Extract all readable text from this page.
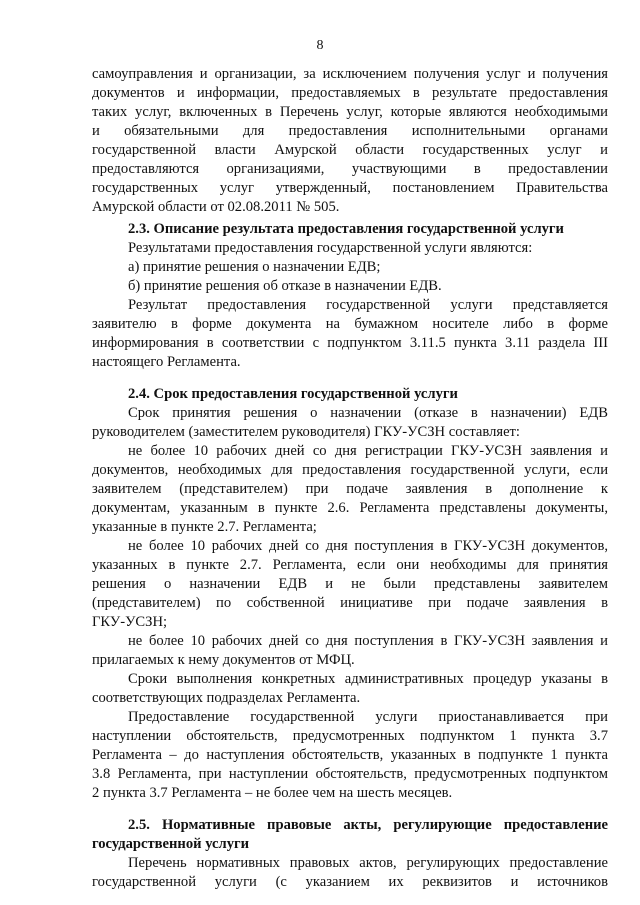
8
самоуправления и организации, за исключением получения услуг и получения
документов и информации, предоставляемых в результате предоставления
таких услуг, включенных в Перечень услуг, которые являются необходимыми
и обязательными для предоставления исполнительными органами
государственной власти Амурской области государственных услуг и
предоставляются организациями, участвующими в предоставлении
государственных услуг утвержденный, постановлением Правительства
Амурской области от 02.08.2011 № 505.
2.3. Описание результата предоставления государственной услуги
Результатами предоставления государственной услуги являются:
а) принятие решения о назначении ЕДВ;
б) принятие решения об отказе в назначении ЕДВ.
Результат предоставления государственной услуги представляется
заявителю в форме документа на бумажном носителе либо в форме
информирования в соответствии с подпунктом 3.11.5 пункта 3.11 раздела III
настоящего Регламента.
2.4. Срок предоставления государственной услуги
Срок принятия решения о назначении (отказе в назначении) ЕДВ
руководителем (заместителем руководителя) ГКУ-УСЗН составляет:
не более 10 рабочих дней со дня регистрации ГКУ-УСЗН заявления и
документов, необходимых для предоставления государственной услуги, если
заявителем (представителем) при подаче заявления в дополнение к
документам, указанным в пункте 2.6. Регламента представлены документы,
указанные в пункте 2.7. Регламента;
не более 10 рабочих дней со дня поступления в ГКУ-УСЗН документов,
указанных в пункте 2.7. Регламента, если они необходимы для принятия
решения о назначении ЕДВ и не были представлены заявителем
(представителем) по собственной инициативе при подаче заявления в
ГКУ-УСЗН;
не более 10 рабочих дней со дня поступления в ГКУ-УСЗН заявления и
прилагаемых к нему документов от МФЦ.
Сроки выполнения конкретных административных процедур указаны в
соответствующих подразделах Регламента.
Предоставление государственной услуги приостанавливается при
наступлении обстоятельств, предусмотренных подпунктом 1 пункта 3.7
Регламента – до наступления обстоятельств, указанных в подпункте 1 пункта
3.8 Регламента, при наступлении обстоятельств, предусмотренных подпунктом
2 пункта 3.7 Регламента – не более чем на шесть месяцев.
2.5. Нормативные правовые акты, регулирующие предоставление
государственной услуги
Перечень нормативных правовых актов, регулирующих предоставление
государственной услуги (с указанием их реквизитов и источников
